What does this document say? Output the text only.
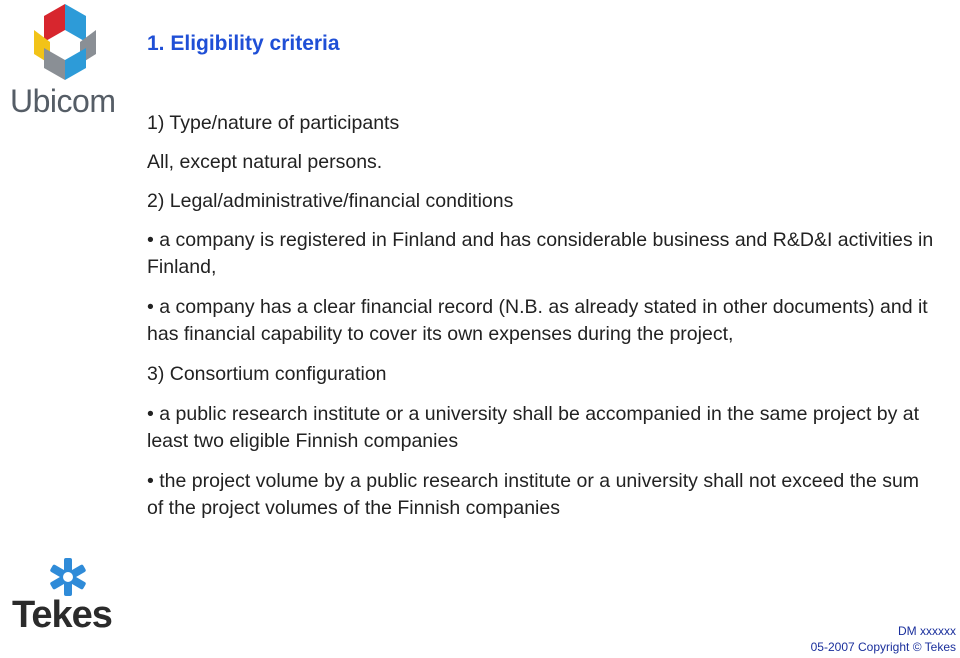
Ubicom
Tekes
1. Eligibility criteria

1) Type/nature of participants

All, except natural persons.

2) Legal/administrative/financial conditions

• a company is registered in Finland and has considerable business and R&D&I activities in Finland,

• a company has a clear financial record (N.B. as already stated in other documents) and it has financial capability to cover its own expenses during the project,

3) Consortium configuration

• a public research institute or a university shall be accompanied in the same project by at least two eligible Finnish companies

• the project volume by a public research institute or a university shall not exceed the sum of the project volumes of the Finnish companies

DM xxxxxx
05-2007 Copyright © Tekes
